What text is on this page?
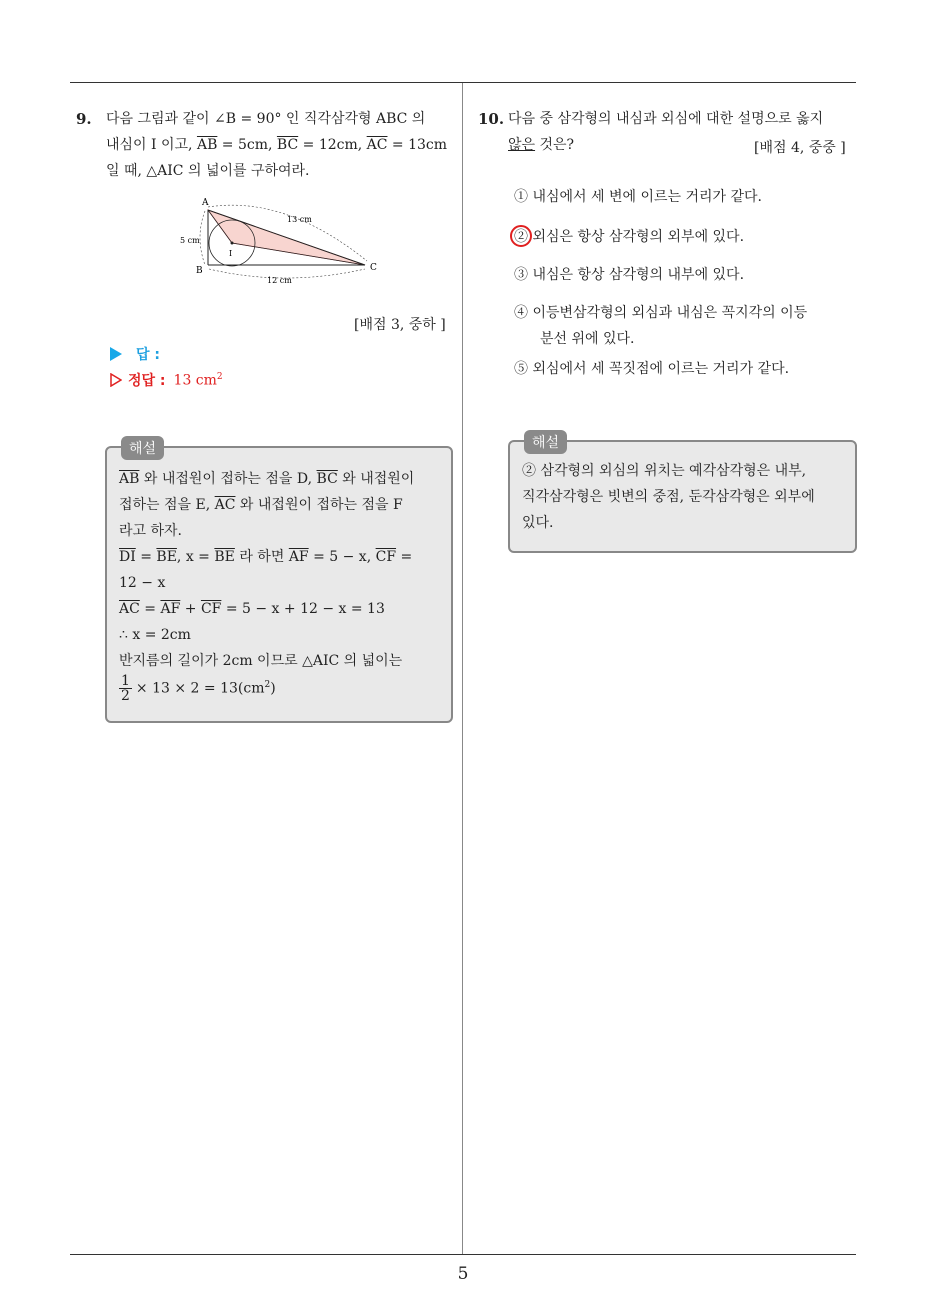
5
9. 다음 그림과 같이 ∠B = 90° 인 직각삼각형 ABC 의
내심이 I 이고, $\overline{AB} = 5cm$, $\overline{BC} = 12cm$, $\overline{AC} = 13cm$
일 때, △AIC 의 넓이를 구하여라.
A
B	C
I
5 cm
12 cm
13 cm
[배점 3, 중하 ]
답 :
정답 : 13 $cm^2$
해설
$\overline{AB}$ 와 내접원이 접하는 점을 D, $\overline{BC}$ 와 내접원이
접하는 점을 E, $\overline{AC}$ 와 내접원이 접하는 점을 F
라고 하자.
$\overline{DI} = \overline{BE}$, $x = \overline{BE}$ 라 하면 $\overline{AF} = 5 - x$, $\overline{CF}$ =
12 − x
$\overline{AC} = \overline{AF} + \overline{CF} = 5 - x + 12 - x = 13$
∴ x = 2cm
반지름의 길이가 2cm 이므로 △AIC 의 넓이는
$\frac{1}{2} \times 13 \times 2 = 13(cm^2)$
10. 다음 중 삼각형의 내심과 외심에 대한 설명으로 옳지
않은 것은?	[배점 4, 중중 ]
① 내심에서 세 변에 이르는 거리가 같다.
② 외심은 항상 삼각형의 외부에 있다.
③ 내심은 항상 삼각형의 내부에 있다.
④ 이등변삼각형의 외심과 내심은 꼭지각의 이등
분선 위에 있다.
⑤ 외심에서 세 꼭짓점에 이르는 거리가 같다.
해설
② 삼각형의 외심의 위치는 예각삼각형은 내부,
직각삼각형은 빗변의 중점, 둔각삼각형은 외부에
있다.
